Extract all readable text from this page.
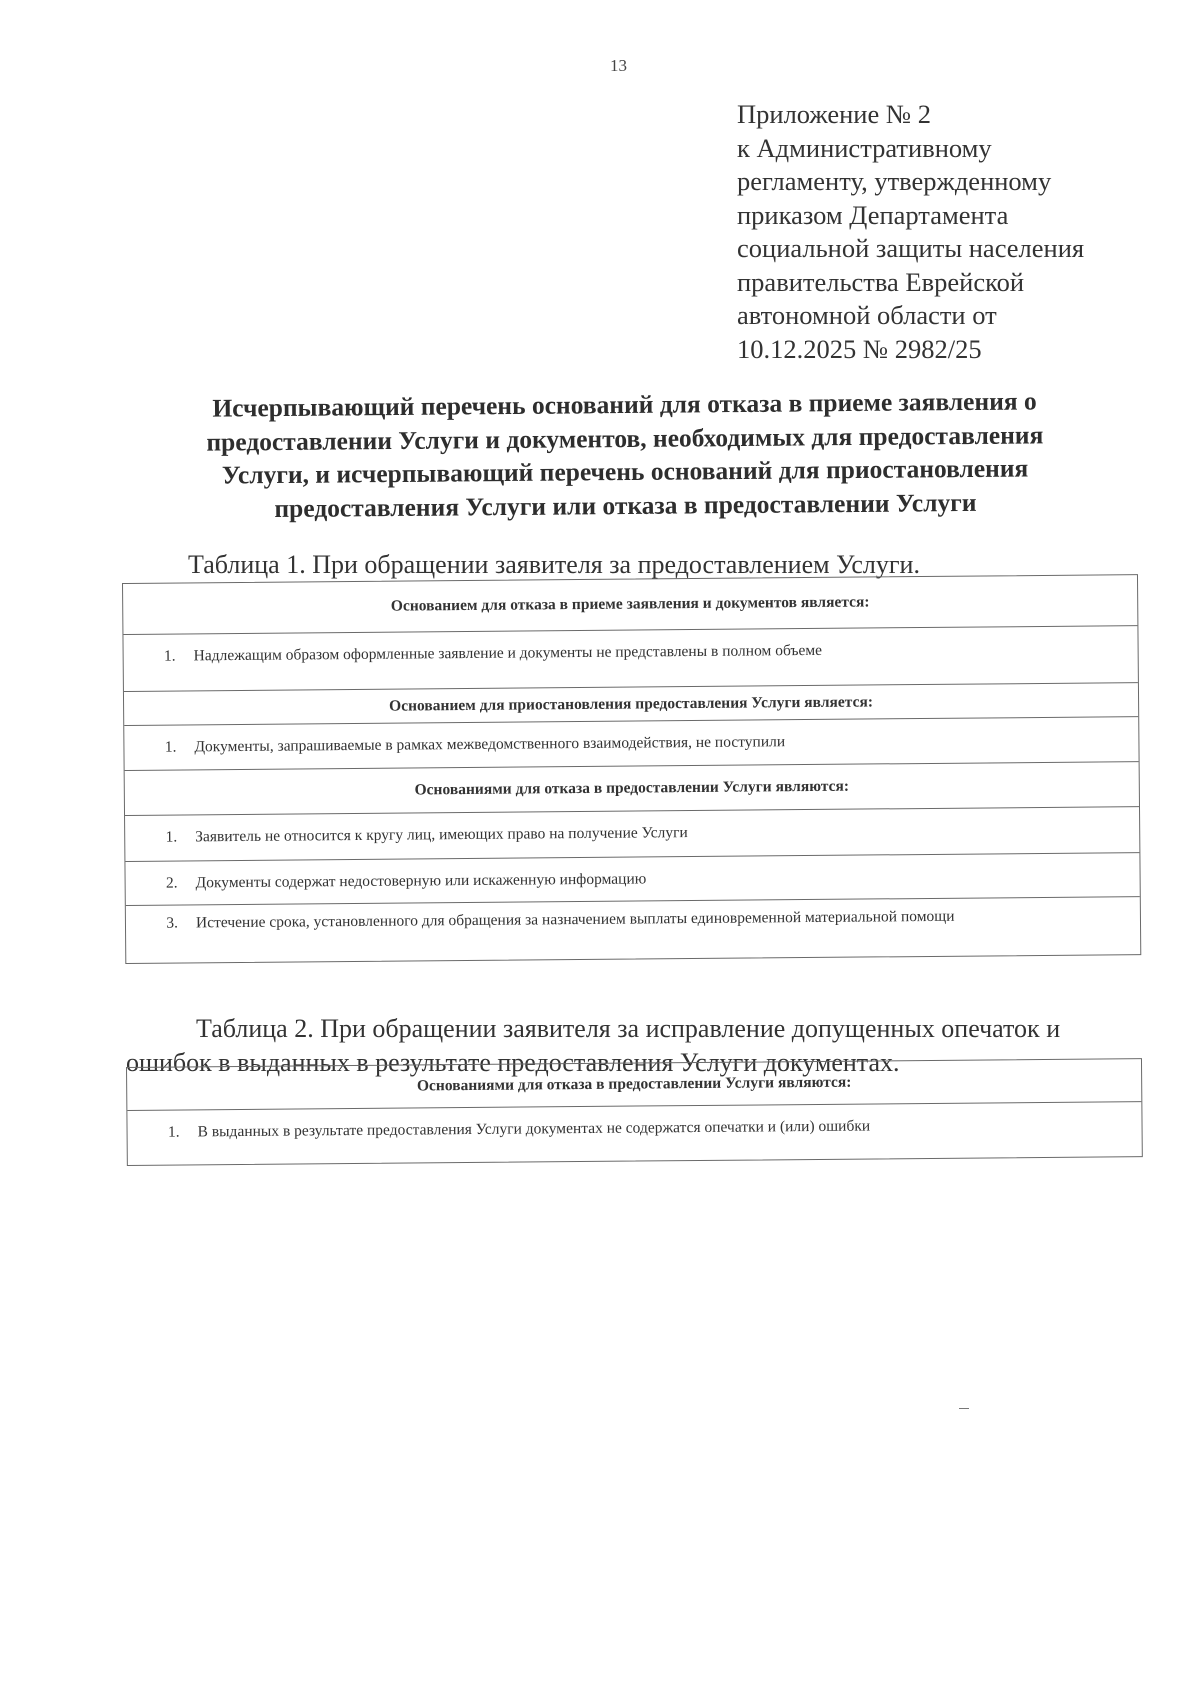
13
Приложение № 2
к Административному
регламенту, утвержденному
приказом Департамента
социальной защиты населения
правительства Еврейской
автономной области от
10.12.2025 № 2982/25
Исчерпывающий перечень оснований для отказа в приеме заявления о
предоставлении Услуги и документов, необходимых для предоставления
Услуги, и исчерпывающий перечень оснований для приостановления
предоставления Услуги или отказа в предоставлении Услуги
Таблица 1. При обращении заявителя за предоставлением Услуги.
Основанием для отказа в приеме заявления и документов является:
1.	Надлежащим образом оформленные заявление и документы не представлены в полном объеме
Основанием для приостановления предоставления Услуги является:
1.	Документы, запрашиваемые в рамках межведомственного взаимодействия, не поступили
Основаниями для отказа в предоставлении Услуги являются:
1.	Заявитель не относится к кругу лиц, имеющих право на получение Услуги
2.	Документы содержат недостоверную или искаженную информацию
3.	Истечение срока, установленного для обращения за назначением выплаты единовременной материальной помощи
Таблица 2. При обращении заявителя за исправление допущенных опечаток и
ошибок в выданных в результате предоставления Услуги документах.
Основаниями для отказа в предоставлении Услуги являются:
1.	В выданных в результате предоставления Услуги документах не содержатся опечатки и (или) ошибки
